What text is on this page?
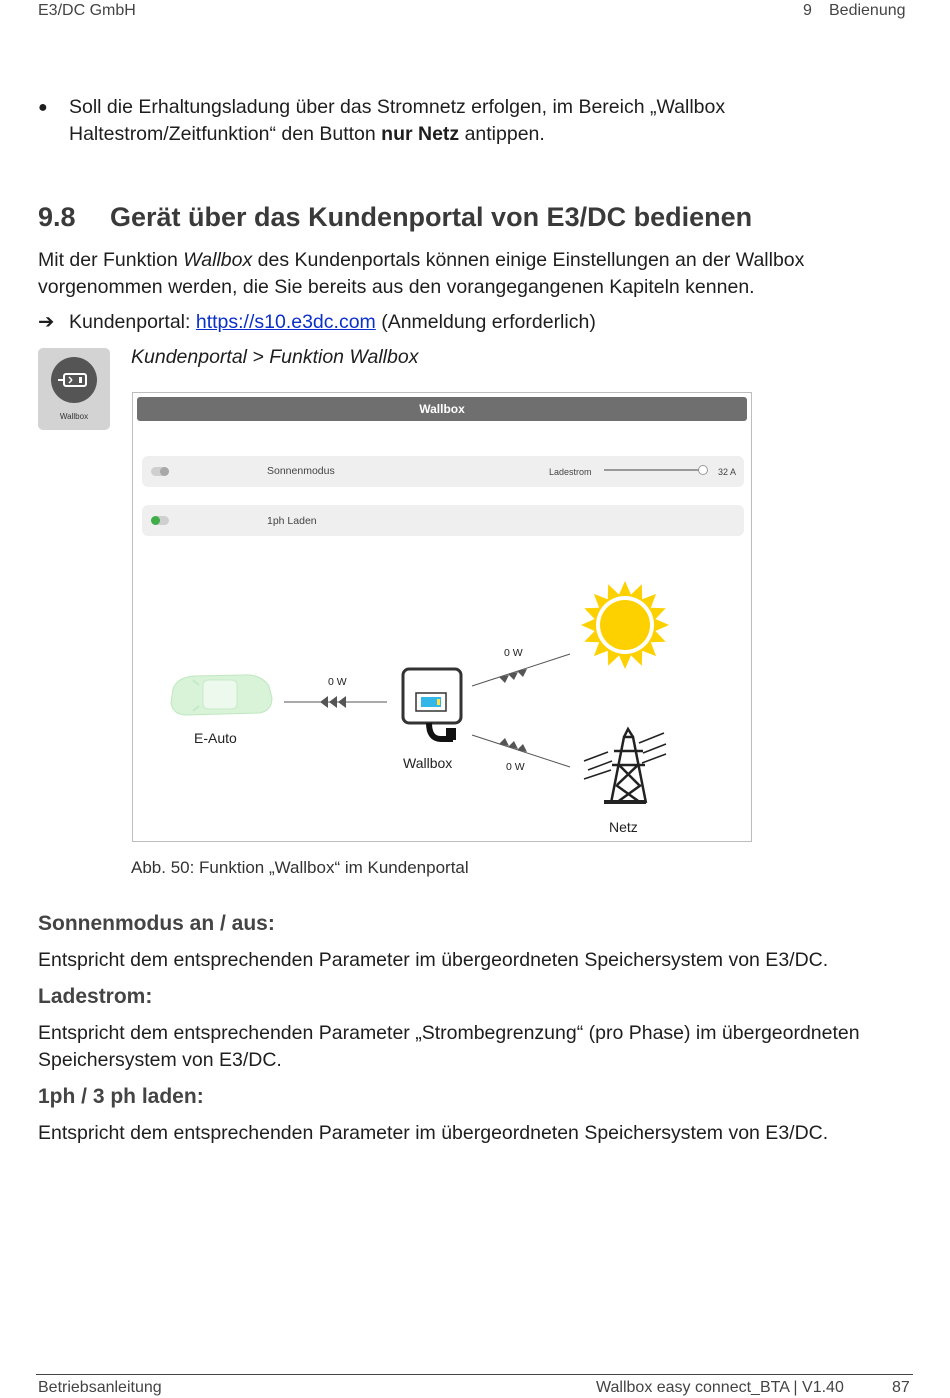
E3/DC GmbH	9 Bedienung
● Soll die Erhaltungsladung über das Stromnetz erfolgen, im Bereich „Wallbox
Haltestrom/Zeitfunktion“ den Button nur Netz antippen.
9.8 Gerät über das Kundenportal von E3/DC bedienen
Mit der Funktion Wallbox des Kundenportals können einige Einstellungen an der Wallbox
vorgenommen werden, die Sie bereits aus den vorangegangenen Kapiteln kennen.
➔ Kundenportal: https://s10.e3dc.com (Anmeldung erforderlich)
Wallbox
Kundenportal > Funktion Wallbox
Wallbox
Sonnenmodus	Ladestrom	32 A
1ph Laden
0 W
E-Auto
Wallbox
0 W
0 W
Netz
Abb. 50: Funktion „Wallbox“ im Kundenportal
Sonnenmodus an / aus:
Entspricht dem entsprechenden Parameter im übergeordneten Speichersystem von E3/DC.
Ladestrom:
Entspricht dem entsprechenden Parameter „Strombegrenzung“ (pro Phase) im übergeordneten
Speichersystem von E3/DC.
1ph / 3 ph laden:
Entspricht dem entsprechenden Parameter im übergeordneten Speichersystem von E3/DC.
Betriebsanleitung	Wallbox easy connect_BTA | V1.40	87
